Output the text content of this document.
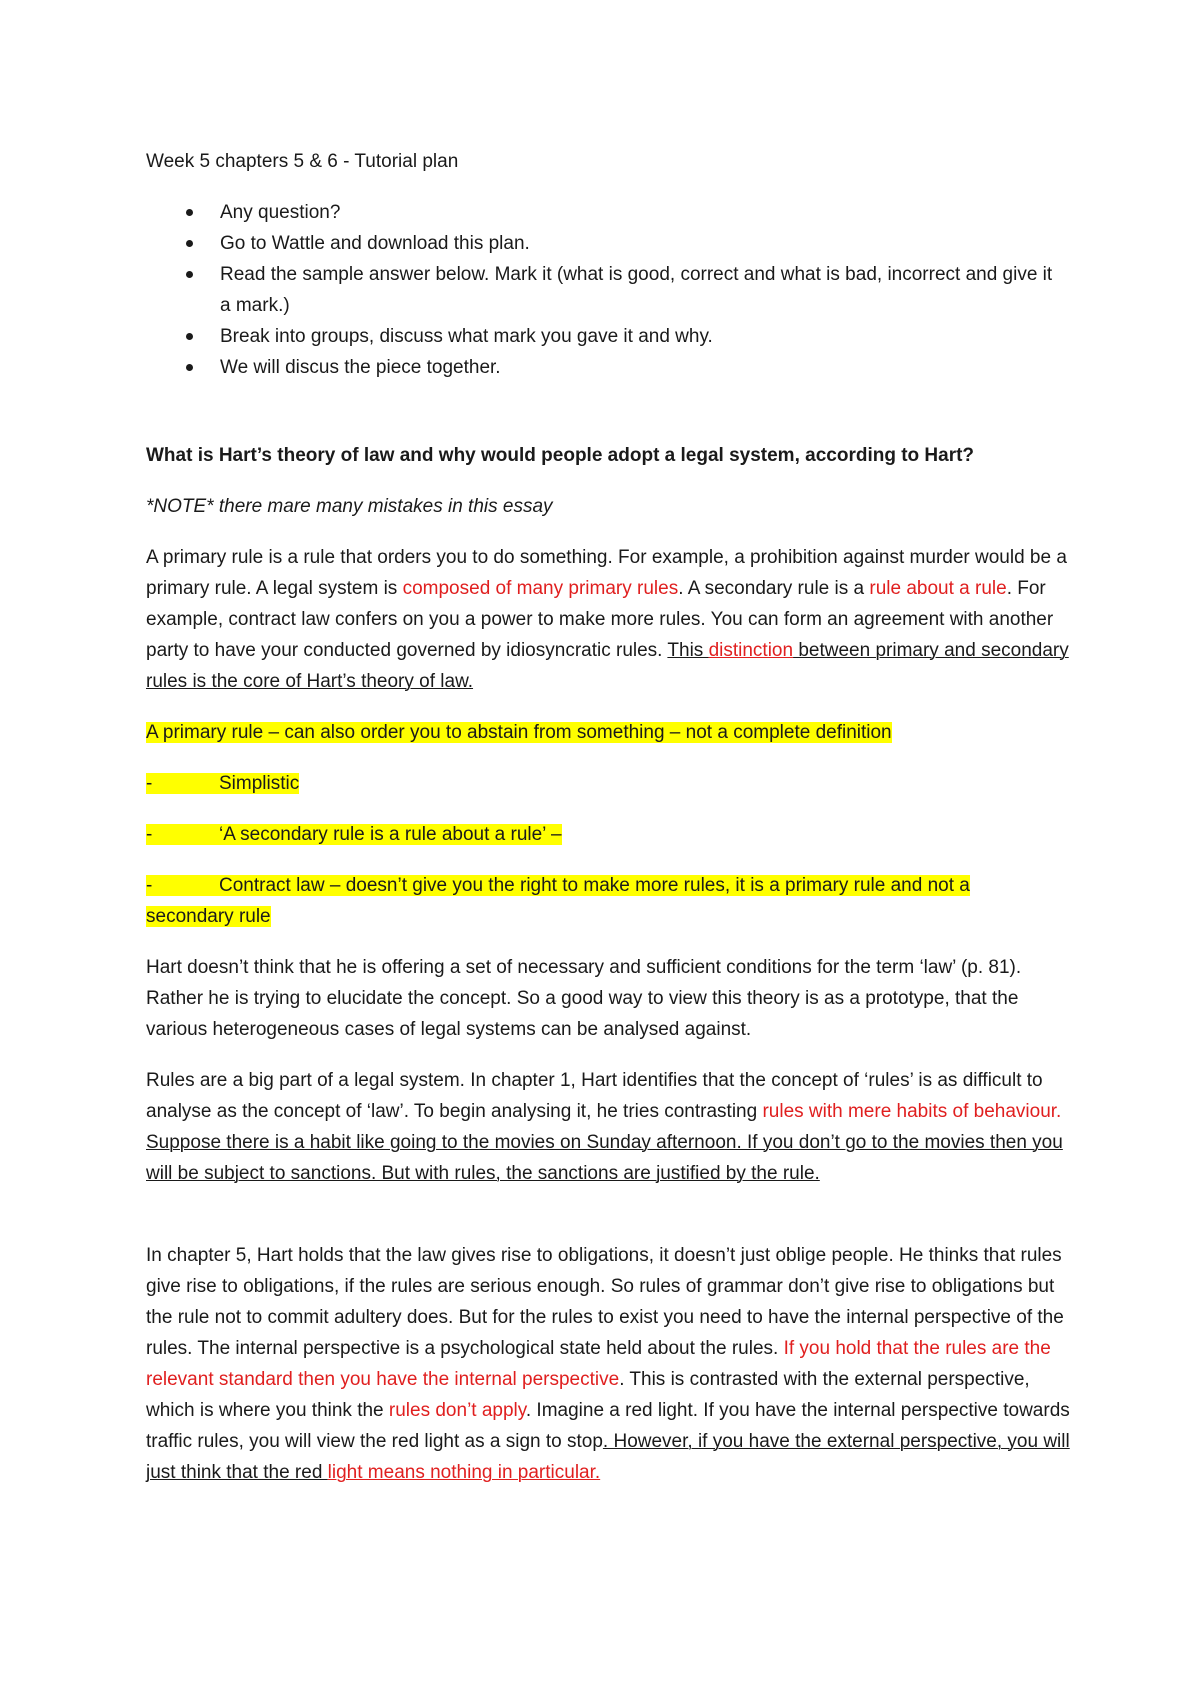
Week 5 chapters 5 & 6 - Tutorial plan

Any question?
Go to Wattle and download this plan.
Read the sample answer below. Mark it (what is good, correct and what is bad, incorrect and give it a mark.)
Break into groups, discuss what mark you gave it and why.
We will discus the piece together.

What is Hart’s theory of law and why would people adopt a legal system, according to Hart?

*NOTE* there mare many mistakes in this essay

A primary rule is a rule that orders you to do something. For example, a prohibition against murder would be a primary rule. A legal system is composed of many primary rules. A secondary rule is a rule about a rule. For example, contract law confers on you a power to make more rules. You can form an agreement with another party to have your conducted governed by idiosyncratic rules. This distinction between primary and secondary rules is the core of Hart’s theory of law.

A primary rule – can also order you to abstain from something – not a complete definition

-	Simplistic
-	‘A secondary rule is a rule about a rule’ –
-	Contract law – doesn’t give you the right to make more rules, it is a primary rule and not a
secondary rule

Hart doesn’t think that he is offering a set of necessary and sufficient conditions for the term ‘law’ (p. 81). Rather he is trying to elucidate the concept. So a good way to view this theory is as a prototype, that the various heterogeneous cases of legal systems can be analysed against.

Rules are a big part of a legal system. In chapter 1, Hart identifies that the concept of ‘rules’ is as difficult to analyse as the concept of ‘law’. To begin analysing it, he tries contrasting rules with mere habits of behaviour. Suppose there is a habit like going to the movies on Sunday afternoon. If you don’t go to the movies then you will be subject to sanctions. But with rules, the sanctions are justified by the rule.

In chapter 5, Hart holds that the law gives rise to obligations, it doesn’t just oblige people. He thinks that rules give rise to obligations, if the rules are serious enough. So rules of grammar don’t give rise to obligations but the rule not to commit adultery does. But for the rules to exist you need to have the internal perspective of the rules. The internal perspective is a psychological state held about the rules. If you hold that the rules are the relevant standard then you have the internal perspective. This is contrasted with the external perspective, which is where you think the rules don’t apply. Imagine a red light. If you have the internal perspective towards traffic rules, you will view the red light as a sign to stop. However, if you have the external perspective, you will just think that the red light means nothing in particular.
